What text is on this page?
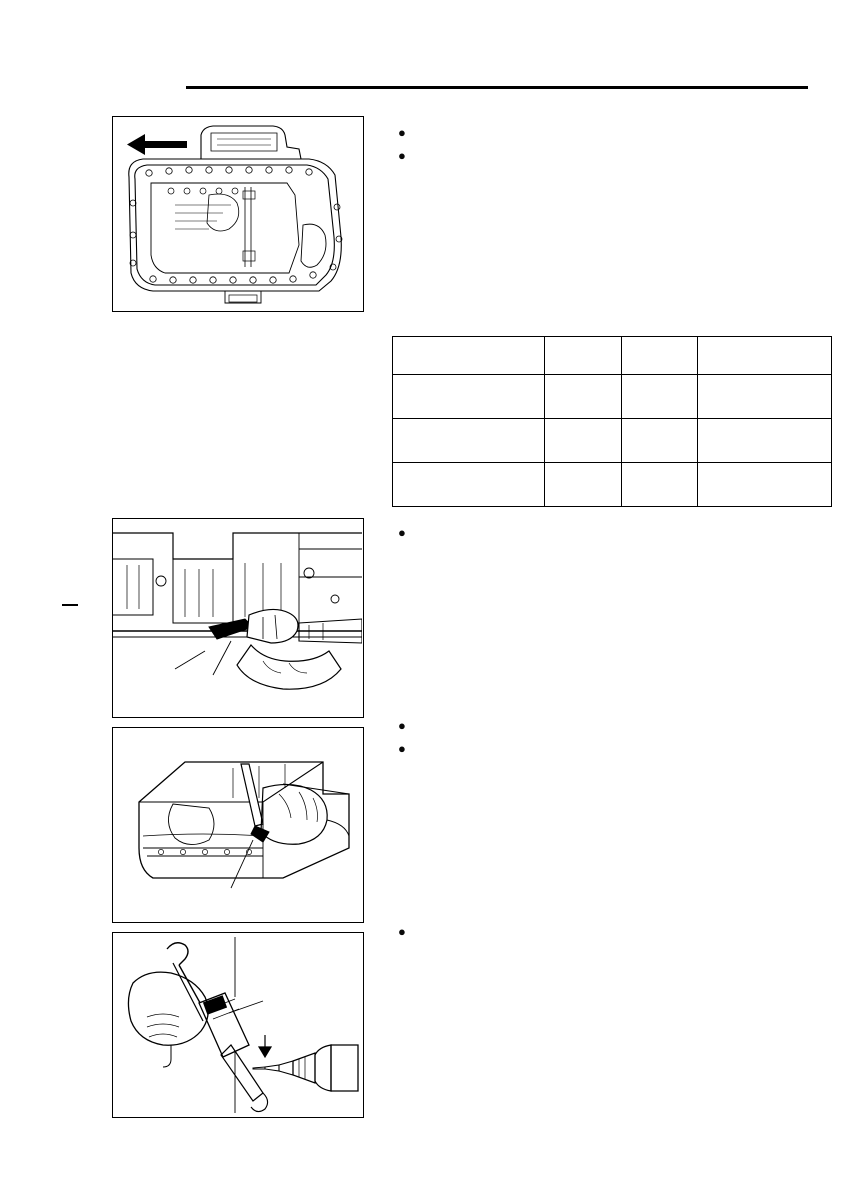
●
●

●
●
●
●
